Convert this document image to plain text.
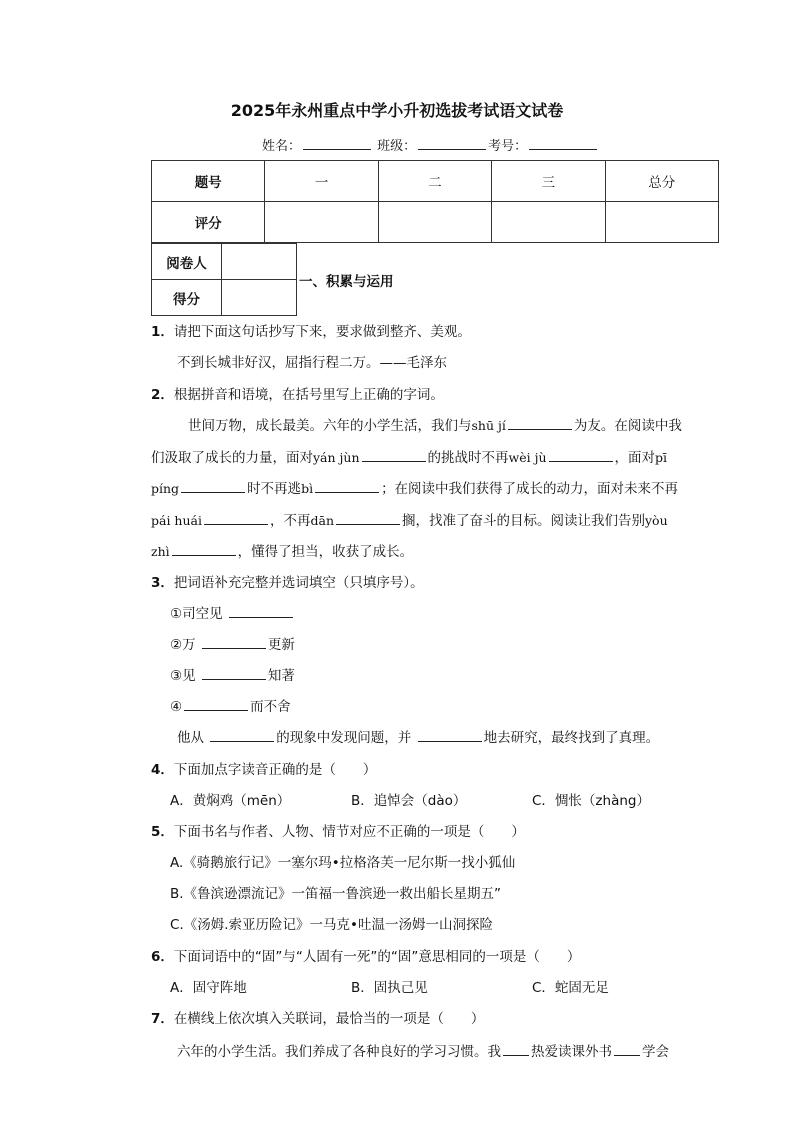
2025年永州重点中学小升初选拔考试语文试卷
姓名：	班级：	考号：
题号	一	二	三	总分
评分				
阅卷人	
得分	
一、积累与运用
1．请把下面这句话抄写下来，要求做到整齐、美观。
不到长城非好汉，屈指行程二万。——毛泽东
2．根据拼音和语境，在括号里写上正确的字词。
世间万物，成长最美。六年的小学生活，我们与shū jí	为友。在阅读中我
们汲取了成长的力量，面对yán jùn	的挑战时不再wèi jù	，面对pī
píng	时不再逃bì	；在阅读中我们获得了成长的动力，面对未来不再
pái huái	，不再dān	搁，找准了奋斗的目标。阅读让我们告别yòu
zhì	，懂得了担当，收获了成长。
3．把词语补充完整并选词填空（只填序号）。
①司空见
②万	更新
③见	知著
④	而不舍
他从	的现象中发现问题，并	地去研究，最终找到了真理。
4．下面加点字读音正确的是（　　）
A．黄焖鸡（mēn）	B．追悼会（dào）	C．惆怅（zhàng）
5．下面书名与作者、人物、情节对应不正确的一项是（　　）
A.《骑鹅旅行记》一塞尔玛•拉格洛芙一尼尔斯一找小狐仙
B.《鲁滨逊漂流记》一笛福一鲁滨逊一救出船长星期五”
C.《汤姆.索亚历险记》一马克•吐温一汤姆一山洞探险
6．下面词语中的“固”与“人固有一死”的“固”意思相同的一项是（　　）
A．固守阵地	B．固执己见	C．蛇固无足
7．在横线上依次填入关联词，最恰当的一项是（　　）
六年的小学生活。我们养成了各种良好的学习习惯。我 热爱读课外书 学会
